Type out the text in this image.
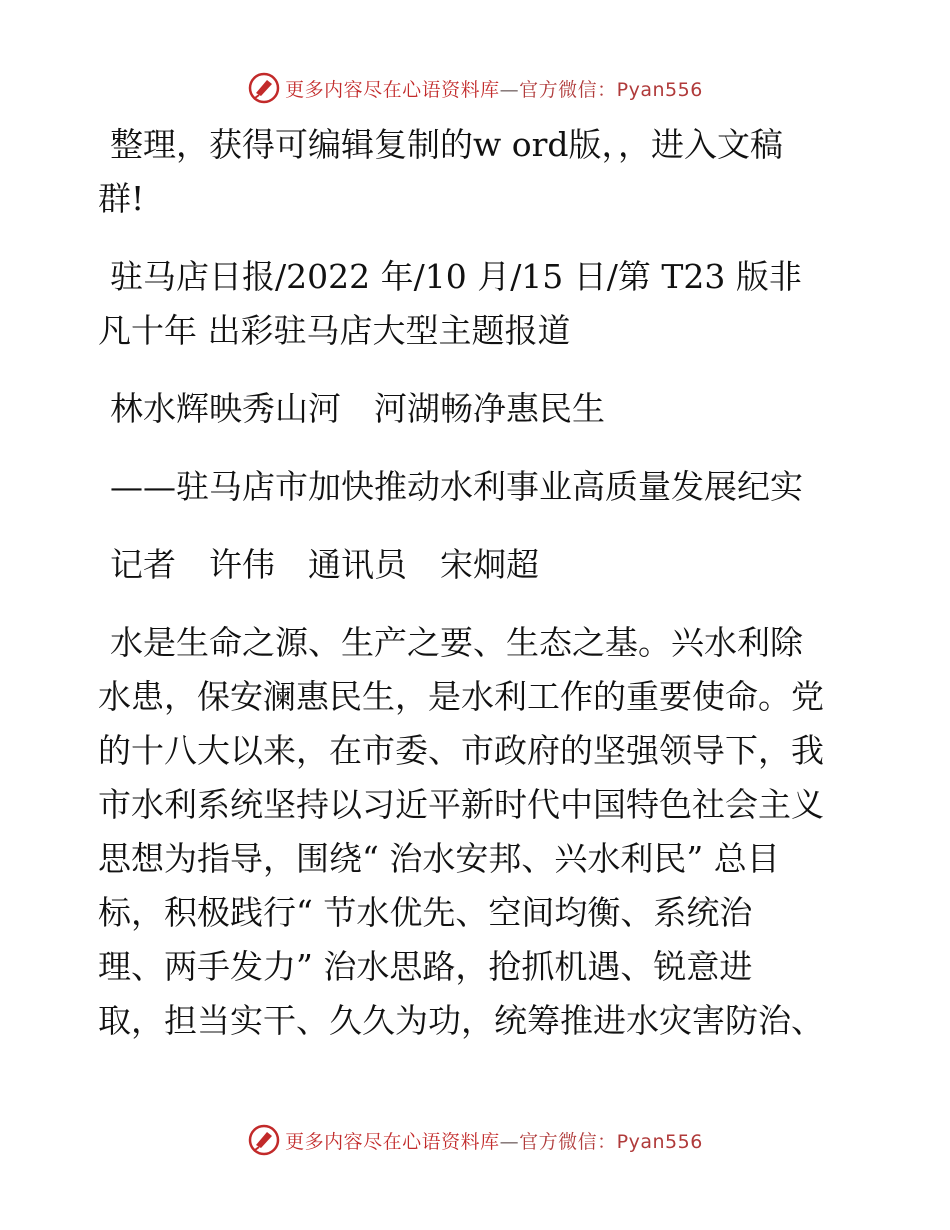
更多内容尽在心语资料库—官方微信：Pyan556

整理，获得可编辑复制的w ord版，，进入文稿
群!

驻马店日报/2022 年/10 月/15 日/第 T23 版非
凡十年 出彩驻马店大型主题报道

林水辉映秀山河　河湖畅净惠民生

——驻马店市加快推动水利事业高质量发展纪实

记者　许伟　通讯员　宋炯超

水是生命之源、生产之要、生态之基。兴水利除
水患，保安澜惠民生，是水利工作的重要使命。党
的十八大以来，在市委、市政府的坚强领导下，我
市水利系统坚持以习近平新时代中国特色社会主义
思想为指导，围绕“ 治水安邦、兴水利民” 总目
标，积极践行“ 节水优先、空间均衡、系统治
理、两手发力” 治水思路，抢抓机遇、锐意进
取，担当实干、久久为功，统筹推进水灾害防治、

更多内容尽在心语资料库—官方微信：Pyan556
